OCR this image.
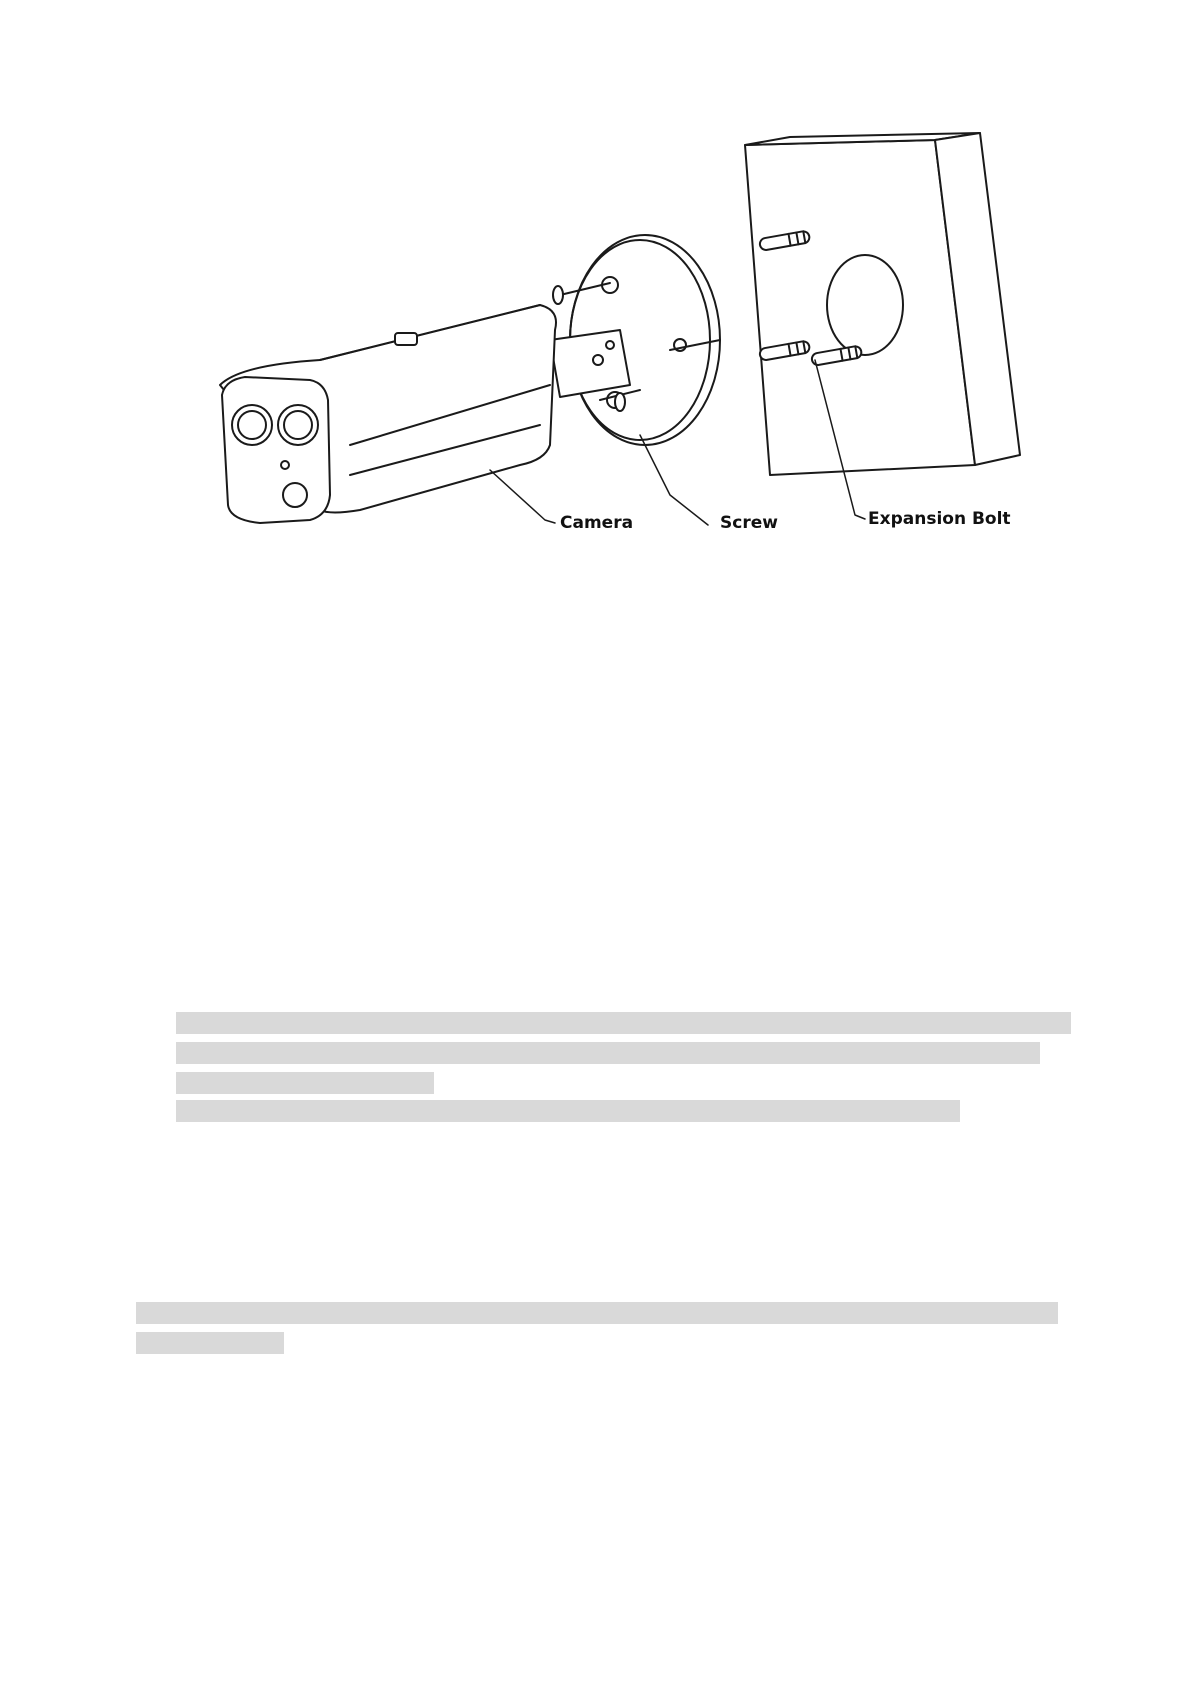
Camera	Screw	Expansion Bolt
